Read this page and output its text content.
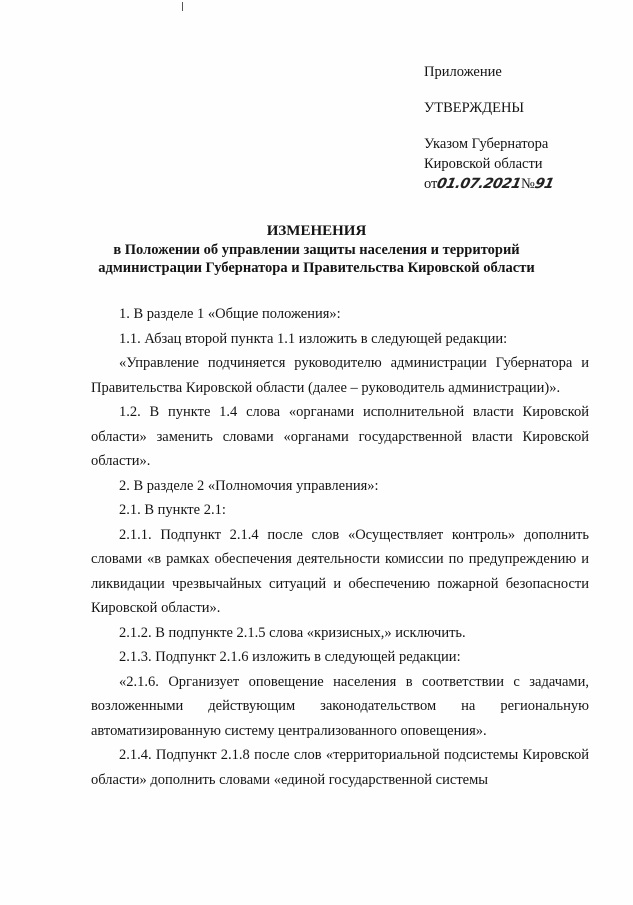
Приложение
УТВЕРЖДЕНЫ
Указом Губернатора
Кировской области
от01.07.2021№91
ИЗМЕНЕНИЯ
в Положении об управлении защиты населения и территорий
администрации Губернатора и Правительства Кировской области

1. В разделе 1 «Общие положения»:

1.1. Абзац второй пункта 1.1 изложить в следующей редакции:

«Управление подчиняется руководителю администрации Губернатора и Правительства Кировской области (далее – руководитель администрации)».

1.2. В пункте 1.4 слова «органами исполнительной власти Кировской области» заменить словами «органами государственной власти Кировской области».

2. В разделе 2 «Полномочия управления»:

2.1. В пункте 2.1:

2.1.1. Подпункт 2.1.4 после слов «Осуществляет контроль» дополнить словами «в рамках обеспечения деятельности комиссии по предупреждению и ликвидации чрезвычайных ситуаций и обеспечению пожарной безопасности Кировской области».

2.1.2. В подпункте 2.1.5 слова «кризисных,» исключить.

2.1.3. Подпункт 2.1.6 изложить в следующей редакции:

«2.1.6. Организует оповещение населения в соответствии с задачами, возложенными действующим законодательством на региональную автоматизированную систему централизованного оповещения».

2.1.4. Подпункт 2.1.8 после слов «территориальной подсистемы Кировской области» дополнить словами «единой государственной системы
